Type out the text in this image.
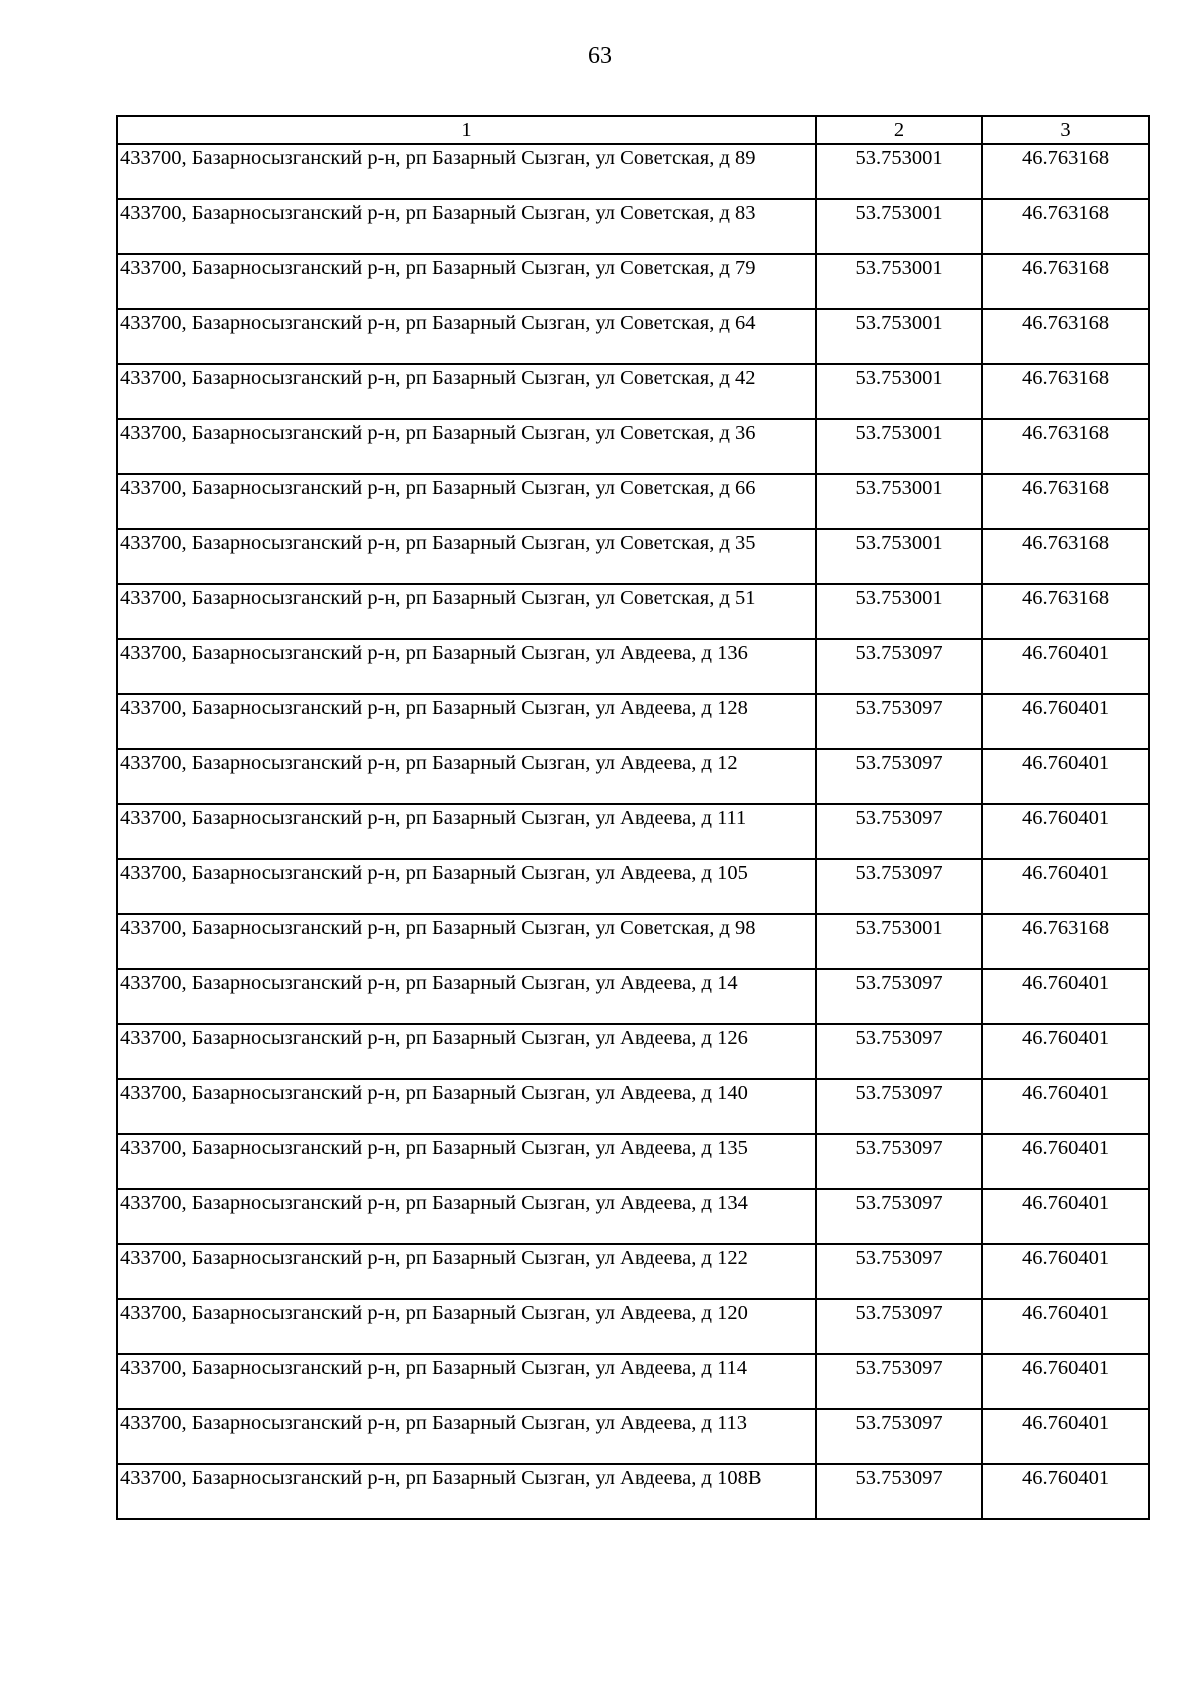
63
1	2	3
433700, Базарносызганский р-н, рп Базарный Сызган, ул Советская, д 89	53.753001	46.763168
433700, Базарносызганский р-н, рп Базарный Сызган, ул Советская, д 83	53.753001	46.763168
433700, Базарносызганский р-н, рп Базарный Сызган, ул Советская, д 79	53.753001	46.763168
433700, Базарносызганский р-н, рп Базарный Сызган, ул Советская, д 64	53.753001	46.763168
433700, Базарносызганский р-н, рп Базарный Сызган, ул Советская, д 42	53.753001	46.763168
433700, Базарносызганский р-н, рп Базарный Сызган, ул Советская, д 36	53.753001	46.763168
433700, Базарносызганский р-н, рп Базарный Сызган, ул Советская, д 66	53.753001	46.763168
433700, Базарносызганский р-н, рп Базарный Сызган, ул Советская, д 35	53.753001	46.763168
433700, Базарносызганский р-н, рп Базарный Сызган, ул Советская, д 51	53.753001	46.763168
433700, Базарносызганский р-н, рп Базарный Сызган, ул Авдеева, д 136	53.753097	46.760401
433700, Базарносызганский р-н, рп Базарный Сызган, ул Авдеева, д 128	53.753097	46.760401
433700, Базарносызганский р-н, рп Базарный Сызган, ул Авдеева, д 12	53.753097	46.760401
433700, Базарносызганский р-н, рп Базарный Сызган, ул Авдеева, д 111	53.753097	46.760401
433700, Базарносызганский р-н, рп Базарный Сызган, ул Авдеева, д 105	53.753097	46.760401
433700, Базарносызганский р-н, рп Базарный Сызган, ул Советская, д 98	53.753001	46.763168
433700, Базарносызганский р-н, рп Базарный Сызган, ул Авдеева, д 14	53.753097	46.760401
433700, Базарносызганский р-н, рп Базарный Сызган, ул Авдеева, д 126	53.753097	46.760401
433700, Базарносызганский р-н, рп Базарный Сызган, ул Авдеева, д 140	53.753097	46.760401
433700, Базарносызганский р-н, рп Базарный Сызган, ул Авдеева, д 135	53.753097	46.760401
433700, Базарносызганский р-н, рп Базарный Сызган, ул Авдеева, д 134	53.753097	46.760401
433700, Базарносызганский р-н, рп Базарный Сызган, ул Авдеева, д 122	53.753097	46.760401
433700, Базарносызганский р-н, рп Базарный Сызган, ул Авдеева, д 120	53.753097	46.760401
433700, Базарносызганский р-н, рп Базарный Сызган, ул Авдеева, д 114	53.753097	46.760401
433700, Базарносызганский р-н, рп Базарный Сызган, ул Авдеева, д 113	53.753097	46.760401
433700, Базарносызганский р-н, рп Базарный Сызган, ул Авдеева, д 108В	53.753097	46.760401
